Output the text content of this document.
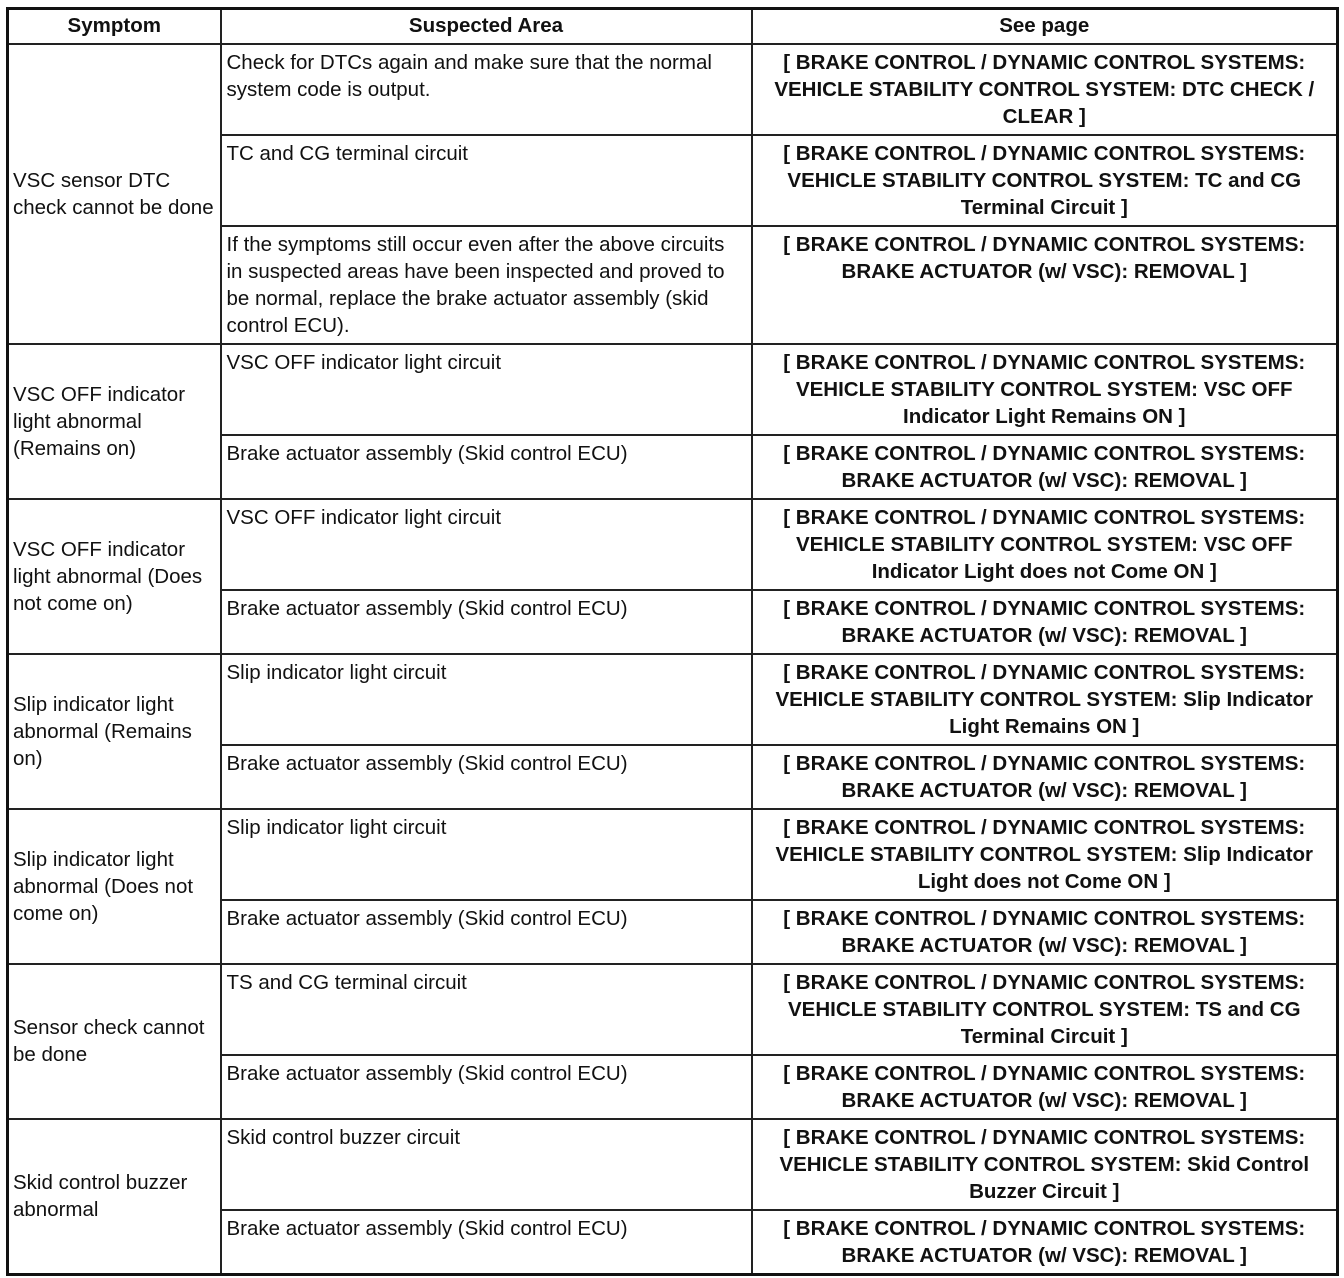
Symptom	Suspected Area	See page
VSC sensor DTC check cannot be done	Check for DTCs again and make sure that the normal system code is output.	[ BRAKE CONTROL / DYNAMIC CONTROL SYSTEMS: VEHICLE STABILITY CONTROL SYSTEM: DTC CHECK / CLEAR ]
	TC and CG terminal circuit	[ BRAKE CONTROL / DYNAMIC CONTROL SYSTEMS: VEHICLE STABILITY CONTROL SYSTEM: TC and CG Terminal Circuit ]
	If the symptoms still occur even after the above circuits in suspected areas have been inspected and proved to be normal, replace the brake actuator assembly (skid control ECU).	[ BRAKE CONTROL / DYNAMIC CONTROL SYSTEMS: BRAKE ACTUATOR (w/ VSC): REMOVAL ]
VSC OFF indicator light abnormal (Remains on)	VSC OFF indicator light circuit	[ BRAKE CONTROL / DYNAMIC CONTROL SYSTEMS: VEHICLE STABILITY CONTROL SYSTEM: VSC OFF Indicator Light Remains ON ]
	Brake actuator assembly (Skid control ECU)	[ BRAKE CONTROL / DYNAMIC CONTROL SYSTEMS: BRAKE ACTUATOR (w/ VSC): REMOVAL ]
VSC OFF indicator light abnormal (Does not come on)	VSC OFF indicator light circuit	[ BRAKE CONTROL / DYNAMIC CONTROL SYSTEMS: VEHICLE STABILITY CONTROL SYSTEM: VSC OFF Indicator Light does not Come ON ]
	Brake actuator assembly (Skid control ECU)	[ BRAKE CONTROL / DYNAMIC CONTROL SYSTEMS: BRAKE ACTUATOR (w/ VSC): REMOVAL ]
Slip indicator light abnormal (Remains on)	Slip indicator light circuit	[ BRAKE CONTROL / DYNAMIC CONTROL SYSTEMS: VEHICLE STABILITY CONTROL SYSTEM: Slip Indicator Light Remains ON ]
	Brake actuator assembly (Skid control ECU)	[ BRAKE CONTROL / DYNAMIC CONTROL SYSTEMS: BRAKE ACTUATOR (w/ VSC): REMOVAL ]
Slip indicator light abnormal (Does not come on)	Slip indicator light circuit	[ BRAKE CONTROL / DYNAMIC CONTROL SYSTEMS: VEHICLE STABILITY CONTROL SYSTEM: Slip Indicator Light does not Come ON ]
	Brake actuator assembly (Skid control ECU)	[ BRAKE CONTROL / DYNAMIC CONTROL SYSTEMS: BRAKE ACTUATOR (w/ VSC): REMOVAL ]
Sensor check cannot be done	TS and CG terminal circuit	[ BRAKE CONTROL / DYNAMIC CONTROL SYSTEMS: VEHICLE STABILITY CONTROL SYSTEM: TS and CG Terminal Circuit ]
	Brake actuator assembly (Skid control ECU)	[ BRAKE CONTROL / DYNAMIC CONTROL SYSTEMS: BRAKE ACTUATOR (w/ VSC): REMOVAL ]
Skid control buzzer abnormal	Skid control buzzer circuit	[ BRAKE CONTROL / DYNAMIC CONTROL SYSTEMS: VEHICLE STABILITY CONTROL SYSTEM: Skid Control Buzzer Circuit ]
	Brake actuator assembly (Skid control ECU)	[ BRAKE CONTROL / DYNAMIC CONTROL SYSTEMS: BRAKE ACTUATOR (w/ VSC): REMOVAL ]
